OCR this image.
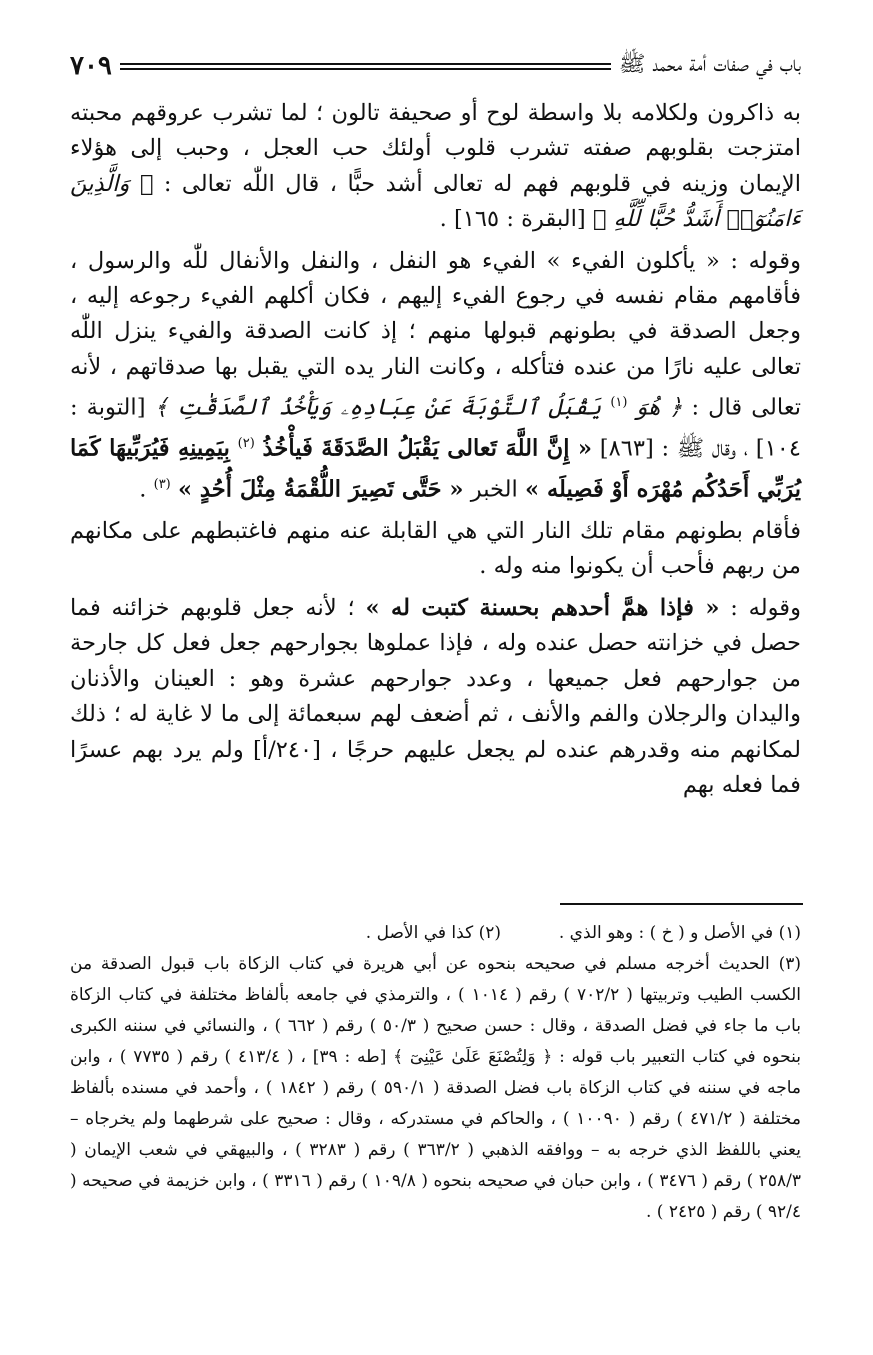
باب في صفات أمة محمد ﷺ
٧٠٩

به ذاكرون ولكلامه بلا واسطة لوح أو صحيفة تالون ؛ لما تشرب عروقهم محبته امتزجت بقلوبهم صفته تشرب قلوب أولئك حب العجل ، وحبب إلى هؤلاء الإيمان وزينه في قلوبهم فهم له تعالى أشد حبًّا ، قال اللّٰه تعالى : ﴿ وَالَّذِينَ ءَامَنُوٓا۟ أَشَدُّ حُبًّا لِّلَّهِ ﴾ [البقرة : ١٦٥] .

وقوله : « يأكلون الفيء » الفيء هو النفل ، والنفل والأنفال للّٰه والرسول ، فأقامهم مقام نفسه في رجوع الفيء إليهم ، فكان أكلهم الفيء رجوعه إليه ، وجعل الصدقة في بطونهم قبولها منهم ؛ إذ كانت الصدقة والفيء ينزل اللّٰه تعالى عليه نارًا من عنده فتأكله ، وكانت النار يده التي يقبل بها صدقاتهم ، لأنه تعالى قال : ﴿ هُوَ $^{(١)}$ يَقْبَلُ ٱلتَّوْبَةَ عَنْ عِبَادِهِۦ وَيَأْخُذُ ٱلصَّدَقَٰتِ ﴾ [التوبة : ١٠٤] ، وقال ﷺ : [٨٦٣] « إِنَّ اللَّهَ تَعالى يَقْبَلُ الصَّدَقَةَ فَيأْخُذُ $^{(٢)}$ بِيَمِينِهِ فَيُرَبِّيهَا كَمَا يُرَبِّي أَحَدُكُم مُهْرَه أَوْ فَصِيلَه » الخبر « حَتَّى تَصِيرَ اللُّقْمَةُ مِثْلَ أُحُدٍ » $^{(٣)}$ .

فأقام بطونهم مقام تلك النار التي هي القابلة عنه منهم فاغتبطهم على مكانهم من ربهم فأحب أن يكونوا منه وله .

وقوله : « فإذا همَّ أحدهم بحسنة كتبت له » ؛ لأنه جعل قلوبهم خزائنه فما حصل في خزانته حصل عنده وله ، فإذا عملوها بجوارحهم جعل فعل كل جارحة من جوارحهم فعل جميعها ، وعدد جوارحهم عشرة وهو : العينان والأذنان واليدان والرجلان والفم والأنف ، ثم أضعف لهم سبعمائة إلى ما لا غاية له ؛ ذلك لمكانهم منه وقدرهم عنده لم يجعل عليهم حرجًا ، [٢٤٠/أ] ولم يرد بهم عسرًا فما فعله بهم

(١) في الأصل و ( خ ) : وهو الذي .
(٢) كذا في الأصل .

(٣) الحديث أخرجه مسلم في صحيحه بنحوه عن أبي هريرة في كتاب الزكاة باب قبول الصدقة من الكسب الطيب وتربيتها ( ٧٠٢/٢ ) رقم ( ١٠١٤ ) ، والترمذي في جامعه بألفاظ مختلفة في كتاب الزكاة باب ما جاء في فضل الصدقة ، وقال : حسن صحيح ( ٥٠/٣ ) رقم ( ٦٦٢ ) ، والنسائي في سننه الكبرى بنحوه في كتاب التعبير باب قوله : ﴿ وَلِتُصْنَعَ عَلَىٰ عَيْنِىٓ ﴾ [طه : ٣٩] ، ( ٤١٣/٤ ) رقم ( ٧٧٣٥ ) ، وابن ماجه في سننه في كتاب الزكاة باب فضل الصدقة ( ٥٩٠/١ ) رقم ( ١٨٤٢ ) ، وأحمد في مسنده بألفاظ مختلفة ( ٤٧١/٢ ) رقم ( ١٠٠٩٠ ) ، والحاكم في مستدركه ، وقال : صحيح على شرطهما ولم يخرجاه – يعني باللفظ الذي خرجه به – ووافقه الذهبي ( ٣٦٣/٢ ) رقم ( ٣٢٨٣ ) ، والبيهقي في شعب الإيمان ( ٢٥٨/٣ ) رقم ( ٣٤٧٦ ) ، وابن حبان في صحيحه بنحوه ( ١٠٩/٨ ) رقم ( ٣٣١٦ ) ، وابن خزيمة في صحيحه ( ٩٢/٤ ) رقم ( ٢٤٢٥ ) .
